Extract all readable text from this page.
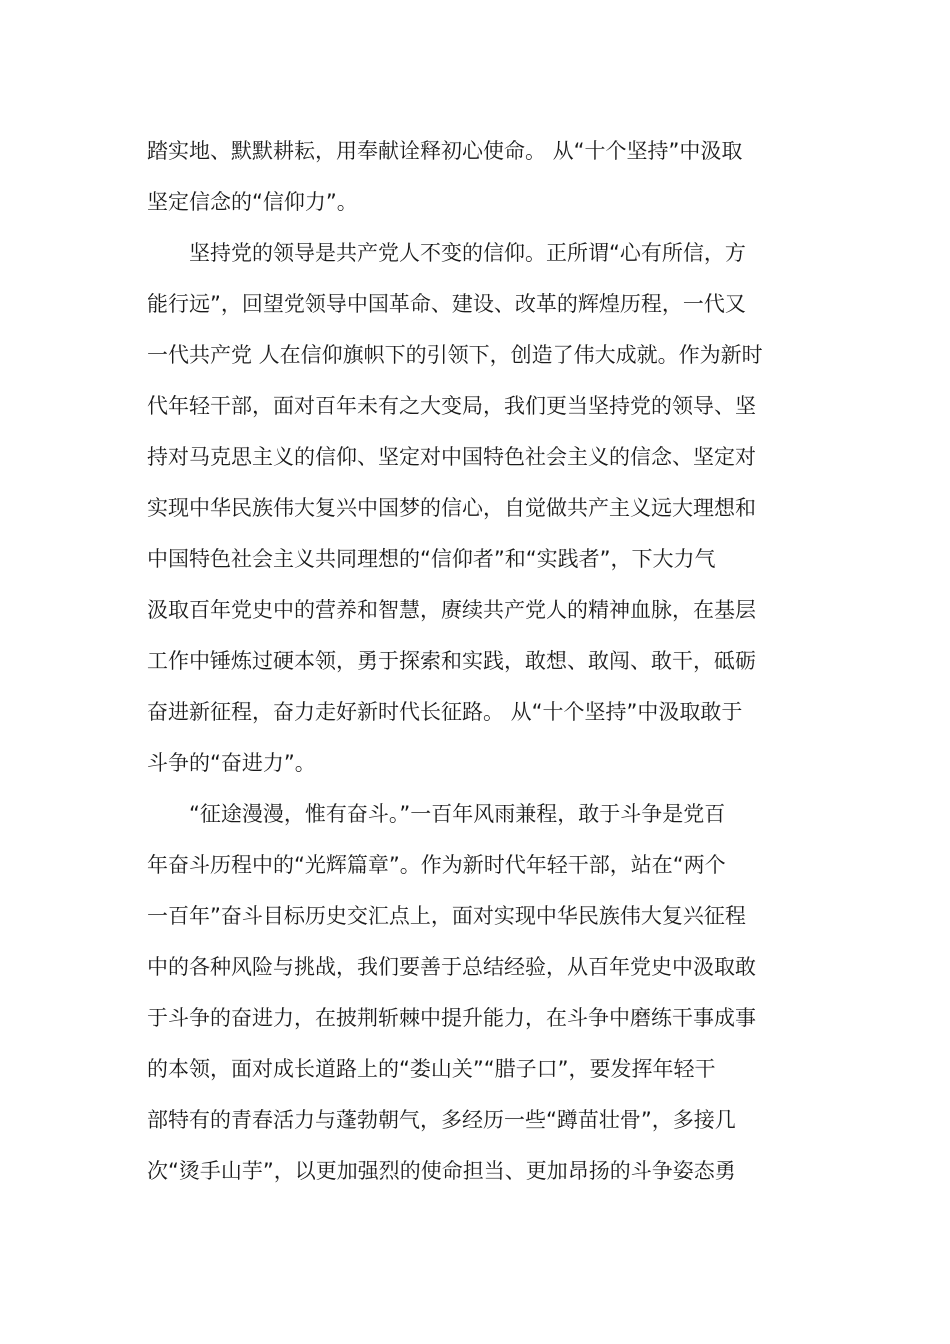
踏实地、默默耕耘，用奉献诠释初心使命。 从“十个坚持”中汲取
坚定信念的“信仰力”。
坚持党的领导是共产党人不变的信仰。正所谓“心有所信，方
能行远”，回望党领导中国革命、建设、改革的辉煌历程，一代又
一代共产党 人在信仰旗帜下的引领下，创造了伟大成就。作为新时
代年轻干部，面对百年未有之大变局，我们更当坚持党的领导、坚
持对马克思主义的信仰、坚定对中国特色社会主义的信念、坚定对
实现中华民族伟大复兴中国梦的信心，自觉做共产主义远大理想和
中国特色社会主义共同理想的“信仰者”和“实践者”，下大力气
汲取百年党史中的营养和智慧，赓续共产党人的精神血脉，在基层
工作中锤炼过硬本领，勇于探索和实践，敢想、敢闯、敢干，砥砺
奋进新征程，奋力走好新时代长征路。 从“十个坚持”中汲取敢于
斗争的“奋进力”。
“征途漫漫，惟有奋斗。”一百年风雨兼程，敢于斗争是党百
年奋斗历程中的“光辉篇章”。作为新时代年轻干部，站在“两个
一百年”奋斗目标历史交汇点上，面对实现中华民族伟大复兴征程
中的各种风险与挑战，我们要善于总结经验，从百年党史中汲取敢
于斗争的奋进力，在披荆斩棘中提升能力，在斗争中磨练干事成事
的本领，面对成长道路上的“娄山关”“腊子口”，要发挥年轻干
部特有的青春活力与蓬勃朝气，多经历一些“蹲苗壮骨”，多接几
次“烫手山芋”，以更加强烈的使命担当、更加昂扬的斗争姿态勇
